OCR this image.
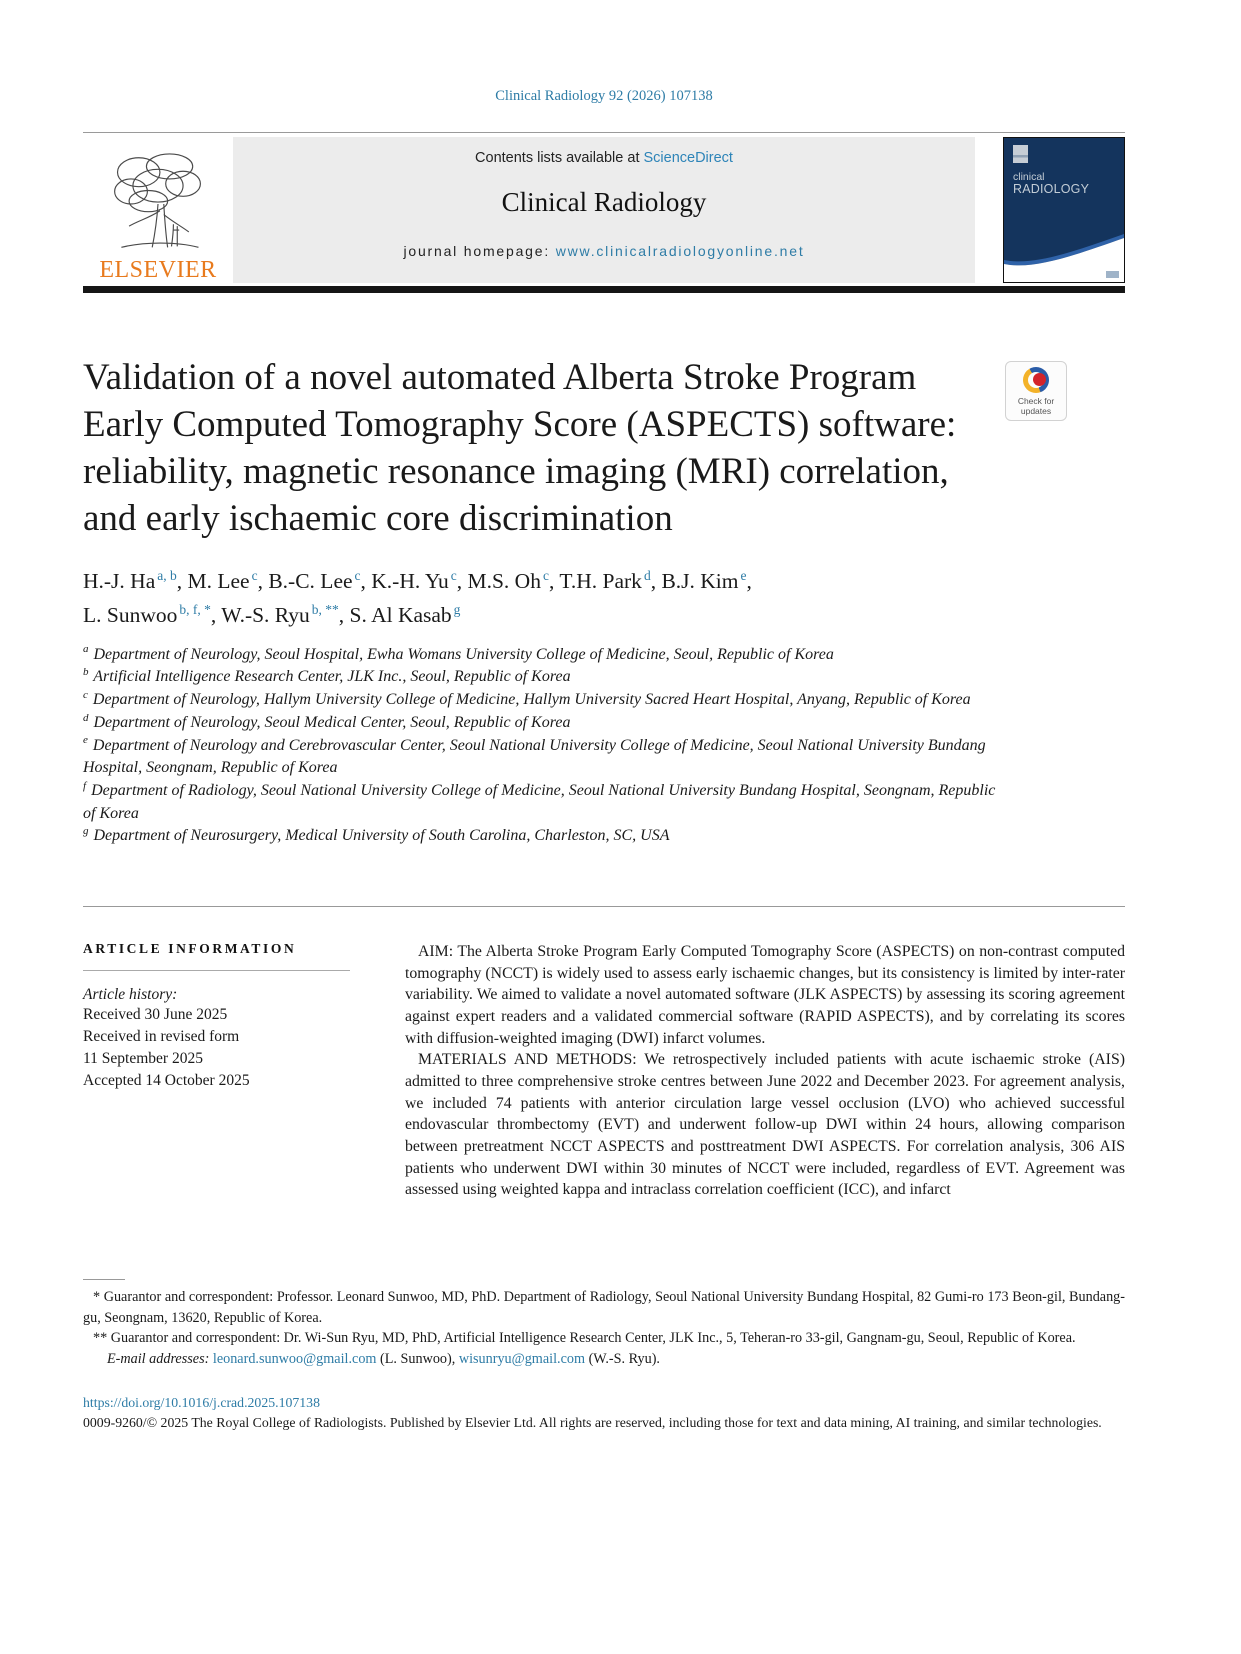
Clinical Radiology 92 (2026) 107138
ELSEVIER
Contents lists available at ScienceDirect
Clinical Radiology
journal homepage: www.clinicalradiologyonline.net
clinical
RADIOLOGY
Validation of a novel automated Alberta Stroke Program Early Computed Tomography Score (ASPECTS) software: reliability, magnetic resonance imaging (MRI) correlation, and early ischaemic core discrimination
Check for
updates
H.-J. Ha $^{a, b}$, M. Lee $^c$, B.-C. Lee $^c$, K.-H. Yu $^c$, M.S. Oh $^c$, T.H. Park $^d$, B.J. Kim $^e$,
L. Sunwoo $^{b, f, *}$, W.-S. Ryu $^{b, **}$, S. Al Kasab $^g$

$^a$ Department of Neurology, Seoul Hospital, Ewha Womans University College of Medicine, Seoul, Republic of Korea

$^b$ Artificial Intelligence Research Center, JLK Inc., Seoul, Republic of Korea

$^c$ Department of Neurology, Hallym University College of Medicine, Hallym University Sacred Heart Hospital, Anyang, Republic of Korea

$^d$ Department of Neurology, Seoul Medical Center, Seoul, Republic of Korea

$^e$ Department of Neurology and Cerebrovascular Center, Seoul National University College of Medicine, Seoul National University Bundang Hospital, Seongnam, Republic of Korea

$^f$ Department of Radiology, Seoul National University College of Medicine, Seoul National University Bundang Hospital, Seongnam, Republic of Korea

$^g$ Department of Neurosurgery, Medical University of South Carolina, Charleston, SC, USA

ARTICLE INFORMATION
Article history:
Received 30 June 2025
Received in revised form
11 September 2025
Accepted 14 October 2025

AIM: The Alberta Stroke Program Early Computed Tomography Score (ASPECTS) on non-contrast computed tomography (NCCT) is widely used to assess early ischaemic changes, but its consistency is limited by inter-rater variability. We aimed to validate a novel automated software (JLK ASPECTS) by assessing its scoring agreement against expert readers and a validated commercial software (RAPID ASPECTS), and by correlating its scores with diffusion-weighted imaging (DWI) infarct volumes.

MATERIALS AND METHODS: We retrospectively included patients with acute ischaemic stroke (AIS) admitted to three comprehensive stroke centres between June 2022 and December 2023. For agreement analysis, we included 74 patients with anterior circulation large vessel occlusion (LVO) who achieved successful endovascular thrombectomy (EVT) and underwent follow-up DWI within 24 hours, allowing comparison between pretreatment NCCT ASPECTS and posttreatment DWI ASPECTS. For correlation analysis, 306 AIS patients who underwent DWI within 30 minutes of NCCT were included, regardless of EVT. Agreement was assessed using weighted kappa and intraclass correlation coefficient (ICC), and infarct

* Guarantor and correspondent: Professor. Leonard Sunwoo, MD, PhD. Department of Radiology, Seoul National University Bundang Hospital, 82 Gumi-ro 173 Beon-gil, Bundang-gu, Seongnam, 13620, Republic of Korea.

** Guarantor and correspondent: Dr. Wi-Sun Ryu, MD, PhD, Artificial Intelligence Research Center, JLK Inc., 5, Teheran-ro 33-gil, Gangnam-gu, Seoul, Republic of Korea.

E-mail addresses: leonard.sunwoo@gmail.com (L. Sunwoo), wisunryu@gmail.com (W.-S. Ryu).

https://doi.org/10.1016/j.crad.2025.107138
0009-9260/© 2025 The Royal College of Radiologists. Published by Elsevier Ltd. All rights are reserved, including those for text and data mining, AI training, and similar technologies.
